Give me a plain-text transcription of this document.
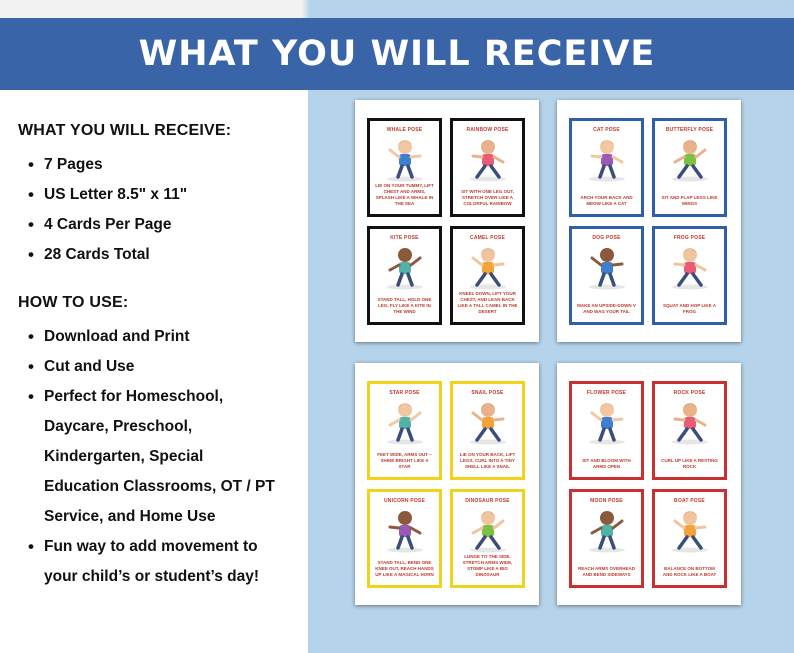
WHAT YOU WILL RECEIVE
WHAT YOU WILL RECEIVE:
• 7 Pages
• US Letter 8.5" x 11"
• 4 Cards Per Page
• 28 Cards Total
HOW TO USE:
• Download and Print
• Cut and Use
• Perfect for Homeschool,
Daycare, Preschool,
Kindergarten, Special
Education Classrooms, OT / PT
Service, and Home Use
• Fun way to add movement to
your child’s or student’s day!
WHALE POSE
LIE ON YOUR TUMMY, LIFT CHEST AND ARMS, SPLASH LIKE A WHALE IN THE SEA
RAINBOW POSE
SIT WITH ONE LEG OUT, STRETCH OVER LIKE A COLORFUL RAINBOW
KITE POSE
STAND TALL, HOLD ONE LEG, FLY LIKE A KITE IN THE WIND
CAMEL POSE
KNEEL DOWN, LIFT YOUR CHEST, AND LEAN BACK LIKE A TALL CAMEL IN THE DESERT
CAT POSE
ARCH YOUR BACK AND MEOW LIKE A CAT
BUTTERFLY POSE
SIT AND FLAP LEGS LIKE WINGS
DOG POSE
MAKE AN UPSIDE-DOWN V AND WAG YOUR TAIL
FROG POSE
SQUAT AND HOP LIKE A FROG
STAR POSE
FEET WIDE, ARMS OUT – SHINE BRIGHT LIKE A STAR
SNAIL POSE
LIE ON YOUR BACK, LIFT LEGS, CURL INTO A TINY SHELL LIKE A SNAIL
UNICORN POSE
STAND TALL, BEND ONE KNEE OUT, REACH HANDS UP LIKE A MAGICAL HORN
DINOSAUR POSE
LUNGE TO THE SIDE, STRETCH ARMS WIDE, STOMP LIKE A BIG DINOSAUR
FLOWER POSE
SIT AND BLOOM WITH ARMS OPEN
ROCK POSE
CURL UP LIKE A RESTING ROCK
MOON POSE
REACH ARMS OVERHEAD AND BEND SIDEWAYS
BOAT POSE
BALANCE ON BOTTOM AND ROCK LIKE A BOAT
